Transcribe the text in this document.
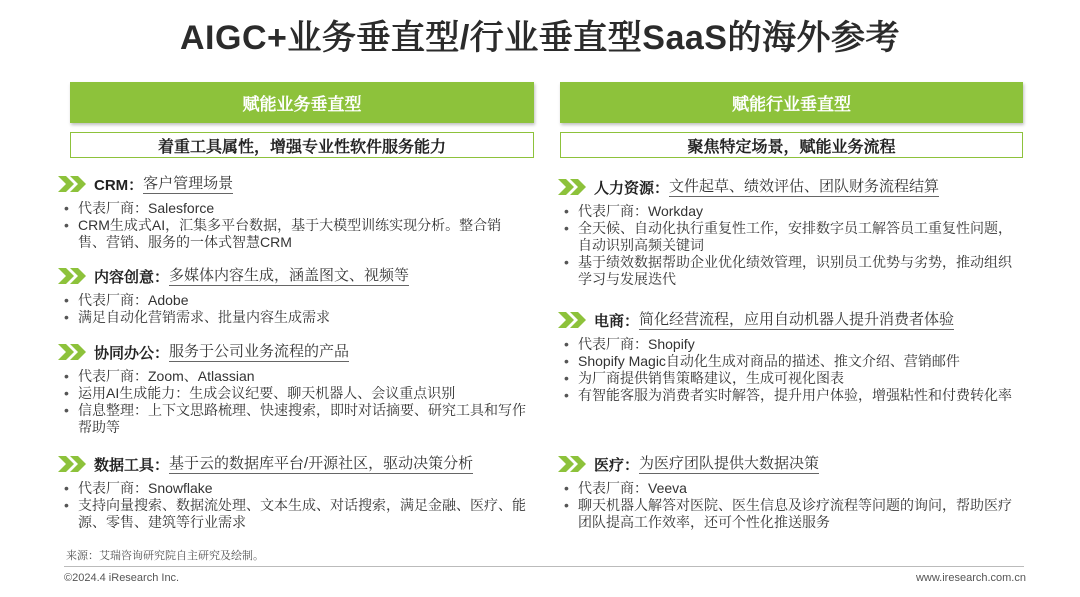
AIGC+业务垂直型/行业垂直型SaaS的海外参考
赋能业务垂直型
着重工具属性，增强专业性软件服务能力
CRM： 客户管理场景
• 代表厂商：Salesforce
• CRM生成式AI，汇集多平台数据，基于大模型训练实现分析。整合销售、营销、服务的一体式智慧CRM
内容创意： 多媒体内容生成，涵盖图文、视频等
• 代表厂商：Adobe
• 满足自动化营销需求、批量内容生成需求
协同办公： 服务于公司业务流程的产品
• 代表厂商：Zoom、Atlassian
• 运用AI生成能力：生成会议纪要、聊天机器人、会议重点识别
• 信息整理：上下文思路梳理、快速搜索，即时对话摘要、研究工具和写作帮助等
数据工具： 基于云的数据库平台/开源社区，驱动决策分析
• 代表厂商：Snowflake
• 支持向量搜索、数据流处理、文本生成、对话搜索，满足金融、医疗、能源、零售、建筑等行业需求
赋能行业垂直型
聚焦特定场景，赋能业务流程
人力资源： 文件起草、绩效评估、团队财务流程结算
• 代表厂商：Workday
• 全天候、自动化执行重复性工作，安排数字员工解答员工重复性问题，自动识别高频关键词
• 基于绩效数据帮助企业优化绩效管理，识别员工优势与劣势，推动组织学习与发展迭代
电商： 简化经营流程，应用自动机器人提升消费者体验
• 代表厂商：Shopify
• Shopify Magic自动化生成对商品的描述、推文介绍、营销邮件
• 为厂商提供销售策略建议，生成可视化图表
• 有智能客服为消费者实时解答，提升用户体验，增强粘性和付费转化率
医疗： 为医疗团队提供大数据决策
• 代表厂商：Veeva
• 聊天机器人解答对医院、医生信息及诊疗流程等问题的询问，帮助医疗团队提高工作效率，还可个性化推送服务
来源：艾瑞咨询研究院自主研究及绘制。
©2024.4 iResearch Inc.	www.iresearch.com.cn
